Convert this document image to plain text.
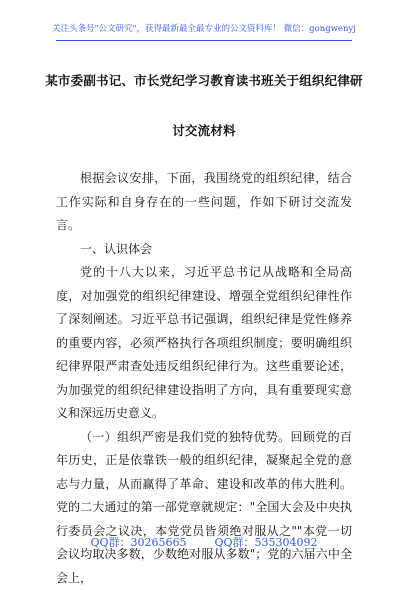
关注头条号"公文研究"，获得最新最全最专业的公文资料库！ 微信：gongwenyj
某市委副书记、市长党纪学习教育读书班关于组织纪律研
讨交流材料

根据会议安排，下面，我围绕党的组织纪律，结合工作实际和自身存在的一些问题，作如下研讨交流发言。

一、认识体会

党的十八大以来，习近平总书记从战略和全局高度，对加强党的组织纪律建设、增强全党组织纪律性作了深刻阐述。习近平总书记强调，组织纪律是党性修养的重要内容，必须严格执行各项组织制度；要明确组织纪律界限严肃查处违反组织纪律行为。这些重要论述，为加强党的组织纪律建设指明了方向，具有重要现实意义和深远历史意义。

（一）组织严密是我们党的独特优势。回顾党的百年历史，正是依靠铁一般的组织纪律，凝聚起全党的意志与力量，从而赢得了革命、建设和改革的伟大胜利。党的二大通过的第一部党章就规定："全国大会及中央执行委员会之议决，本党党员皆须绝对服从之""本党一切会议均取决多数，少数绝对服从多数"；党的六届六中全会上，

QQ群：30265665	QQ群：535304092
